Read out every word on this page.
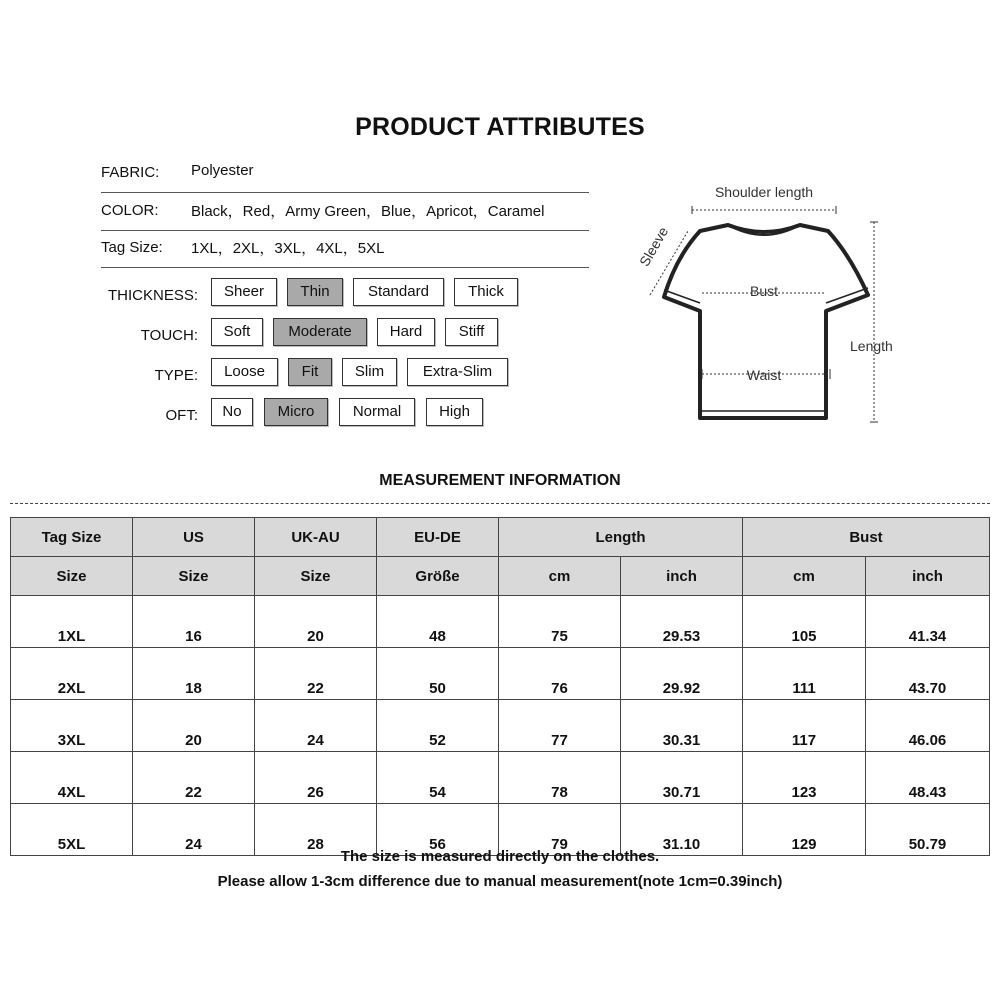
PRODUCT ATTRIBUTES
FABRIC: Polyester
COLOR: Black，Red，Army Green，Blue，Apricot，Caramel
Tag Size: 1XL，2XL，3XL，4XL，5XL
THICKNESS:	Sheer	Thin	Standard	Thick
TOUCH:	Soft	Moderate	Hard	Stiff
TYPE:	Loose	Fit	Slim	Extra-Slim
OFT:	No	Micro	Normal	High
Shoulder length
Sleeve
Bust
Waist
Length
MEASUREMENT INFORMATION
Tag Size	US	UK-AU	EU-DE	Length		Bust	
Size	Size	Size	Größe	cm	inch	cm	inch
1XL	16	20	48	75	29.53	105	41.34
2XL	18	22	50	76	29.92	111	43.70
3XL	20	24	52	77	30.31	117	46.06
4XL	22	26	54	78	30.71	123	48.43
5XL	24	28	56	79	31.10	129	50.79
The size is measured directly on the clothes.
Please allow 1-3cm difference due to manual measurement(note 1cm=0.39inch)
